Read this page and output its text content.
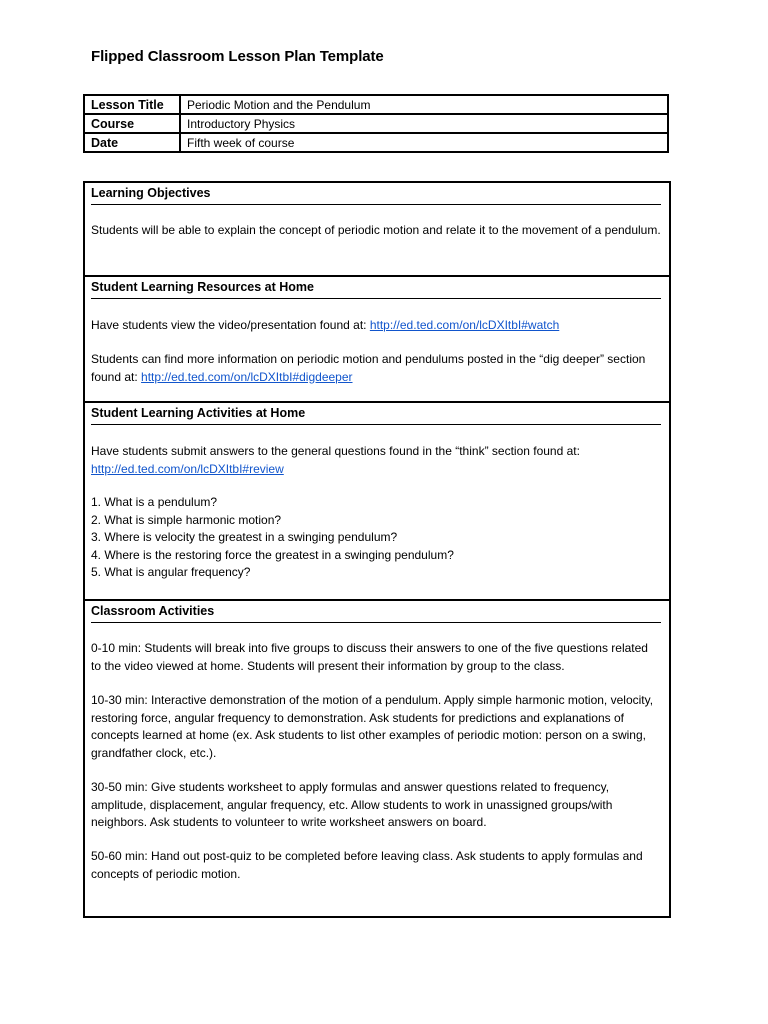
Flipped Classroom Lesson Plan Template
Lesson Title	Periodic Motion and the Pendulum
Course	Introductory Physics
Date	Fifth week of course
Learning Objectives
Students will be able to explain the concept of periodic motion and relate it to the movement of a pendulum.
Student Learning Resources at Home
Have students view the video/presentation found at: http://ed.ted.com/on/lcDXItbI#watch
Students can find more information on periodic motion and pendulums posted in the “dig deeper” section found at: http://ed.ted.com/on/lcDXItbI#digdeeper
Student Learning Activities at Home

Have students submit answers to the general questions found in the “think” section found at:

http://ed.ted.com/on/lcDXItbI#review
1. What is a pendulum?
2. What is simple harmonic motion?
3. Where is velocity the greatest in a swinging pendulum?
4. Where is the restoring force the greatest in a swinging pendulum?
5. What is angular frequency?
Classroom Activities
0-10 min: Students will break into five groups to discuss their answers to one of the five questions related to the video viewed at home. Students will present their information by group to the class.
10-30 min: Interactive demonstration of the motion of a pendulum. Apply simple harmonic motion, velocity, restoring force, angular frequency to demonstration. Ask students for predictions and explanations of concepts learned at home (ex. Ask students to list other examples of periodic motion: person on a swing, grandfather clock, etc.).
30-50 min: Give students worksheet to apply formulas and answer questions related to frequency, amplitude, displacement, angular frequency, etc. Allow students to work in unassigned groups/with neighbors. Ask students to volunteer to write worksheet answers on board.
50-60 min: Hand out post-quiz to be completed before leaving class. Ask students to apply formulas and concepts of periodic motion.
